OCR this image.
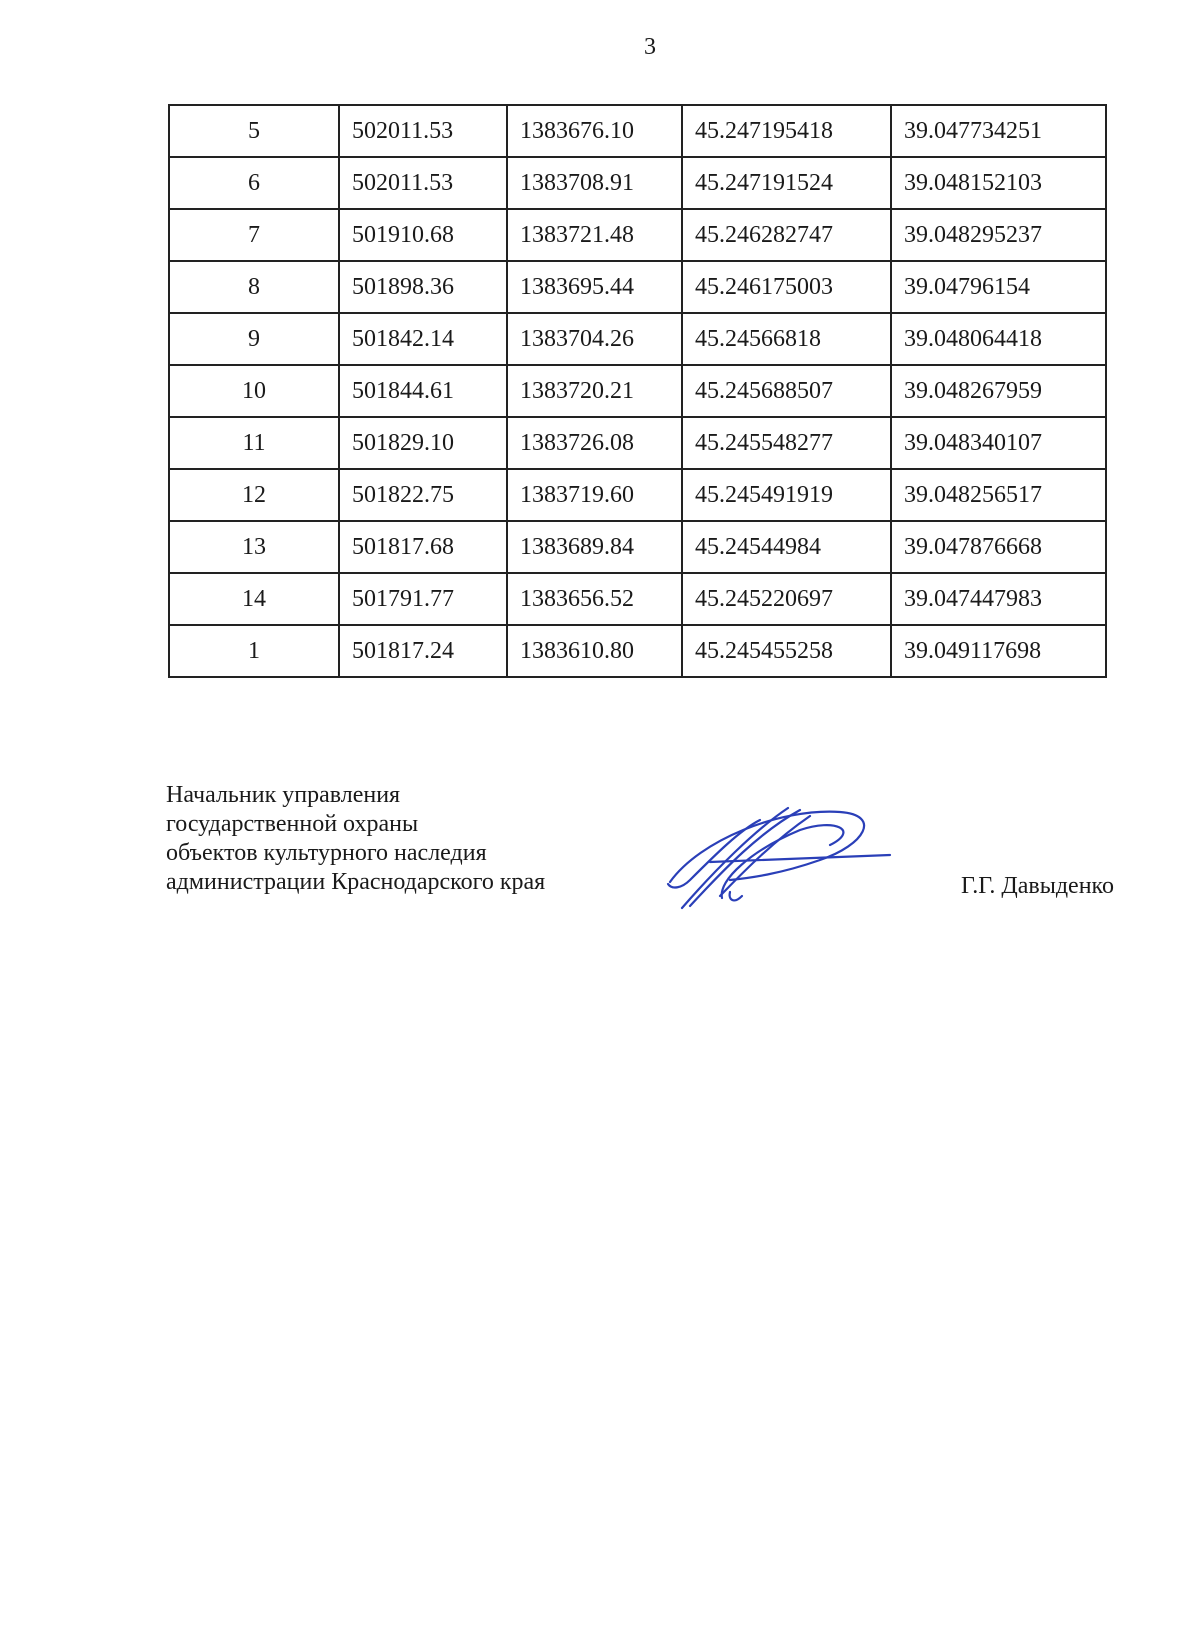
3
5	502011.53	1383676.10	45.247195418	39.047734251
6	502011.53	1383708.91	45.247191524	39.048152103
7	501910.68	1383721.48	45.246282747	39.048295237
8	501898.36	1383695.44	45.246175003	39.04796154
9	501842.14	1383704.26	45.24566818	39.048064418
10	501844.61	1383720.21	45.245688507	39.048267959
11	501829.10	1383726.08	45.245548277	39.048340107
12	501822.75	1383719.60	45.245491919	39.048256517
13	501817.68	1383689.84	45.24544984	39.047876668
14	501791.77	1383656.52	45.245220697	39.047447983
1	501817.24	1383610.80	45.245455258	39.049117698
Начальник управления
государственной охраны
объектов культурного наследия
администрации Краснодарского края	Г.Г. Давыденко
